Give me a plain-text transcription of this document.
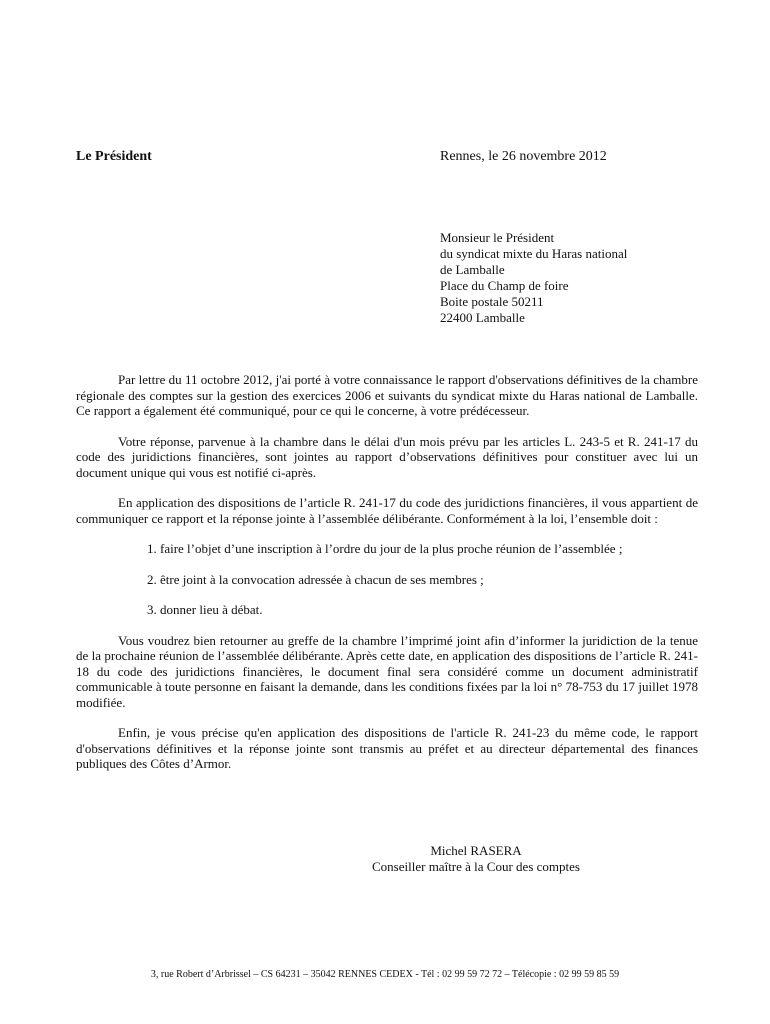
Le Président	Rennes, le 26 novembre 2012
Monsieur le Président
du syndicat mixte du Haras national
de Lamballe
Place du Champ de foire
Boite postale 50211
22400 Lamballe

Par lettre du 11 octobre 2012, j'ai porté à votre connaissance le rapport d'observations définitives de la chambre régionale des comptes sur la gestion des exercices 2006 et suivants du syndicat mixte du Haras national de Lamballe. Ce rapport a également été communiqué, pour ce qui le concerne, à votre prédécesseur.

Votre réponse, parvenue à la chambre dans le délai d'un mois prévu par les articles L. 243-5 et R. 241-17 du code des juridictions financières, sont jointes au rapport d’observations définitives pour constituer avec lui un document unique qui vous est notifié ci-après.

En application des dispositions de l’article R. 241-17 du code des juridictions financières, il vous appartient de communiquer ce rapport et la réponse jointe à l’assemblée délibérante. Conformément à la loi, l’ensemble doit :

1. faire l’objet d’une inscription à l’ordre du jour de la plus proche réunion de l’assemblée ;

2. être joint à la convocation adressée à chacun de ses membres ;

3. donner lieu à débat.

Vous voudrez bien retourner au greffe de la chambre l’imprimé joint afin d’informer la juridiction de la tenue de la prochaine réunion de l’assemblée délibérante. Après cette date, en application des dispositions de l’article R. 241-18 du code des juridictions financières, le document final sera considéré comme un document administratif communicable à toute personne en faisant la demande, dans les conditions fixées par la loi n° 78-753 du 17 juillet 1978 modifiée.

Enfin, je vous précise qu'en application des dispositions de l'article R. 241-23 du même code, le rapport d'observations définitives et la réponse jointe sont transmis au préfet et au directeur départemental des finances publiques des Côtes d’Armor.

Michel RASERA
Conseiller maître à la Cour des comptes
3, rue Robert d’Arbrissel – CS 64231 – 35042 RENNES CEDEX - Tél : 02 99 59 72 72 – Télécopie : 02 99 59 85 59
